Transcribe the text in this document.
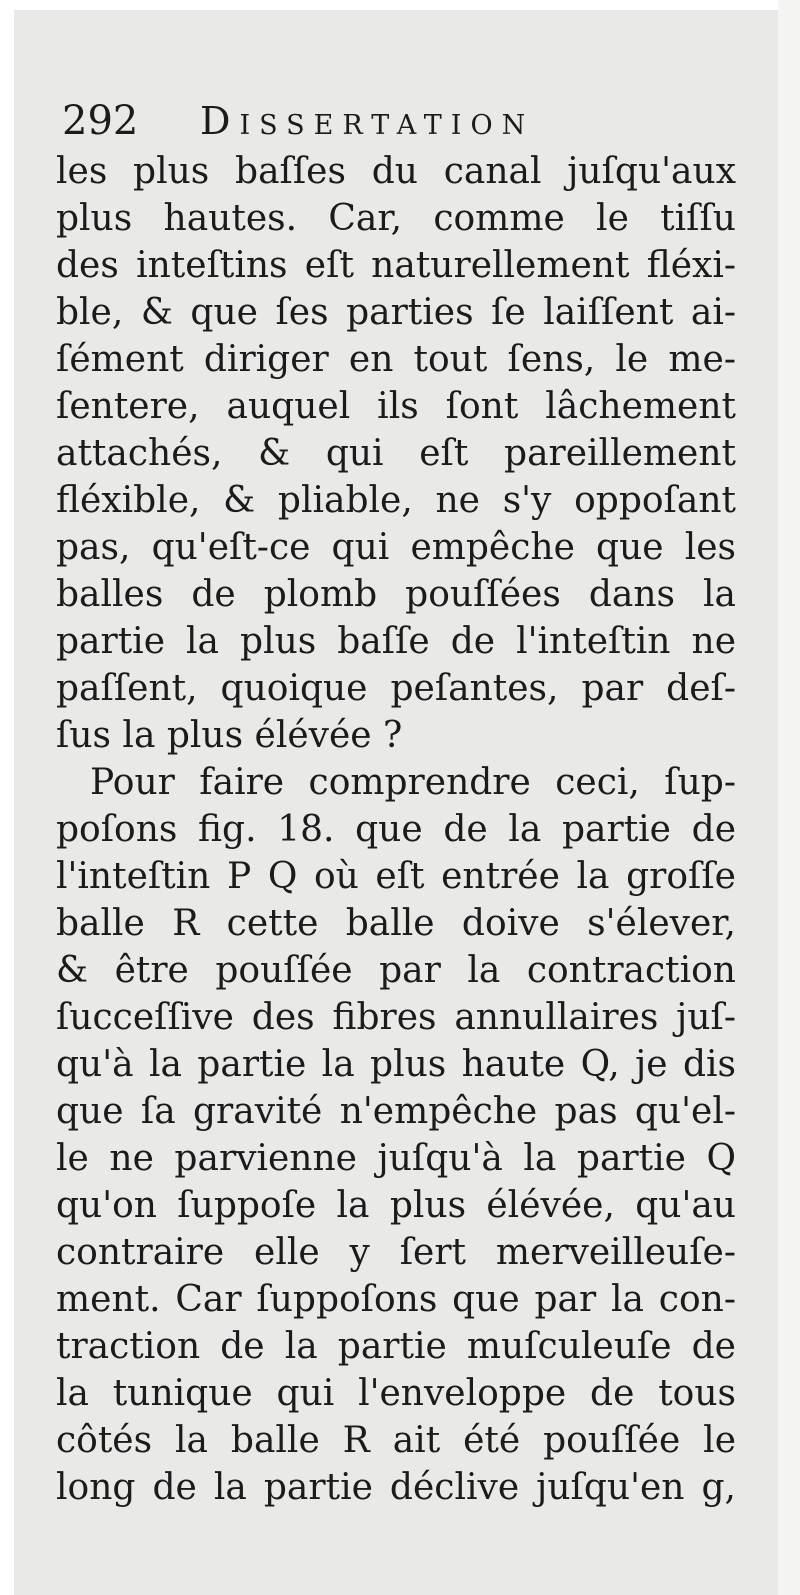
292 Dissertation
les plus baſſes du canal juſqu'aux
plus hautes. Car, comme le tiſſu
des inteſtins eſt naturellement fléxi-
ble, & que ſes parties ſe laiſſent ai-
ſément diriger en tout ſens, le me-
ſentere, auquel ils ſont lâchement
attachés, & qui eſt pareillement
fléxible, & pliable, ne s'y oppoſant
pas, qu'eſt-ce qui empêche que les
balles de plomb pouſſées dans la
partie la plus baſſe de l'inteſtin ne
paſſent, quoique peſantes, par deſ-
ſus la plus élévée ?
Pour faire comprendre ceci, ſup-
poſons fig. 18. que de la partie de
l'inteſtin P Q où eſt entrée la groſſe
balle R cette balle doive s'élever,
& être pouſſée par la contraction
ſucceſſive des fibres annullaires juſ-
qu'à la partie la plus haute Q, je dis
que ſa gravité n'empêche pas qu'el-
le ne parvienne juſqu'à la partie Q
qu'on ſuppoſe la plus élévée, qu'au
contraire elle y ſert merveilleuſe-
ment. Car ſuppoſons que par la con-
traction de la partie muſculeuſe de
la tunique qui l'enveloppe de tous
côtés la balle R ait été pouſſée le
long de la partie déclive juſqu'en g,
